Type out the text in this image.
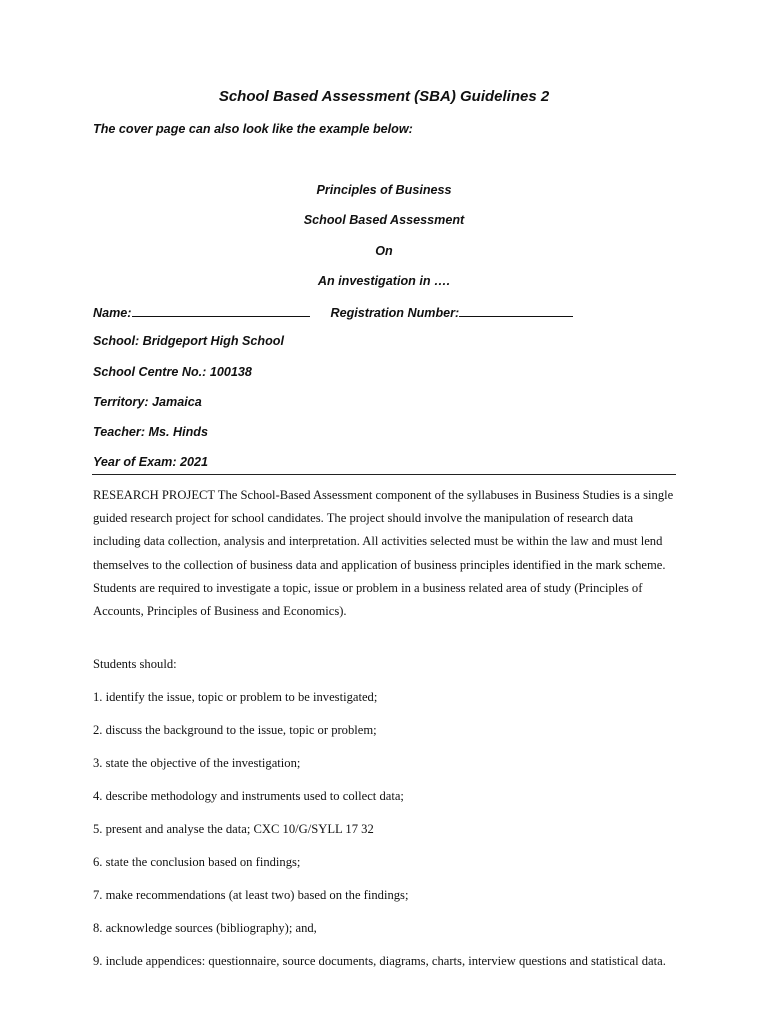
School Based Assessment (SBA) Guidelines 2
The cover page can also look like the example below:
Principles of Business
School Based Assessment
On
An investigation in ….
Name:	Registration Number:
School: Bridgeport High School
School Centre No.: 100138
Territory: Jamaica
Teacher: Ms. Hinds
Year of Exam: 2021
RESEARCH PROJECT The School-Based Assessment component of the syllabuses in Business Studies is a single guided research project for school candidates. The project should involve the manipulation of research data including data collection, analysis and interpretation. All activities selected must be within the law and must lend themselves to the collection of business data and application of business principles identified in the mark scheme. Students are required to investigate a topic, issue or problem in a business related area of study (Principles of Accounts, Principles of Business and Economics).
Students should:
1. identify the issue, topic or problem to be investigated;
2. discuss the background to the issue, topic or problem;
3. state the objective of the investigation;
4. describe methodology and instruments used to collect data;
5. present and analyse the data; CXC 10/G/SYLL 17 32
6. state the conclusion based on findings;
7. make recommendations (at least two) based on the findings;
8. acknowledge sources (bibliography); and,
9. include appendices: questionnaire, source documents, diagrams, charts, interview questions and statistical data.
